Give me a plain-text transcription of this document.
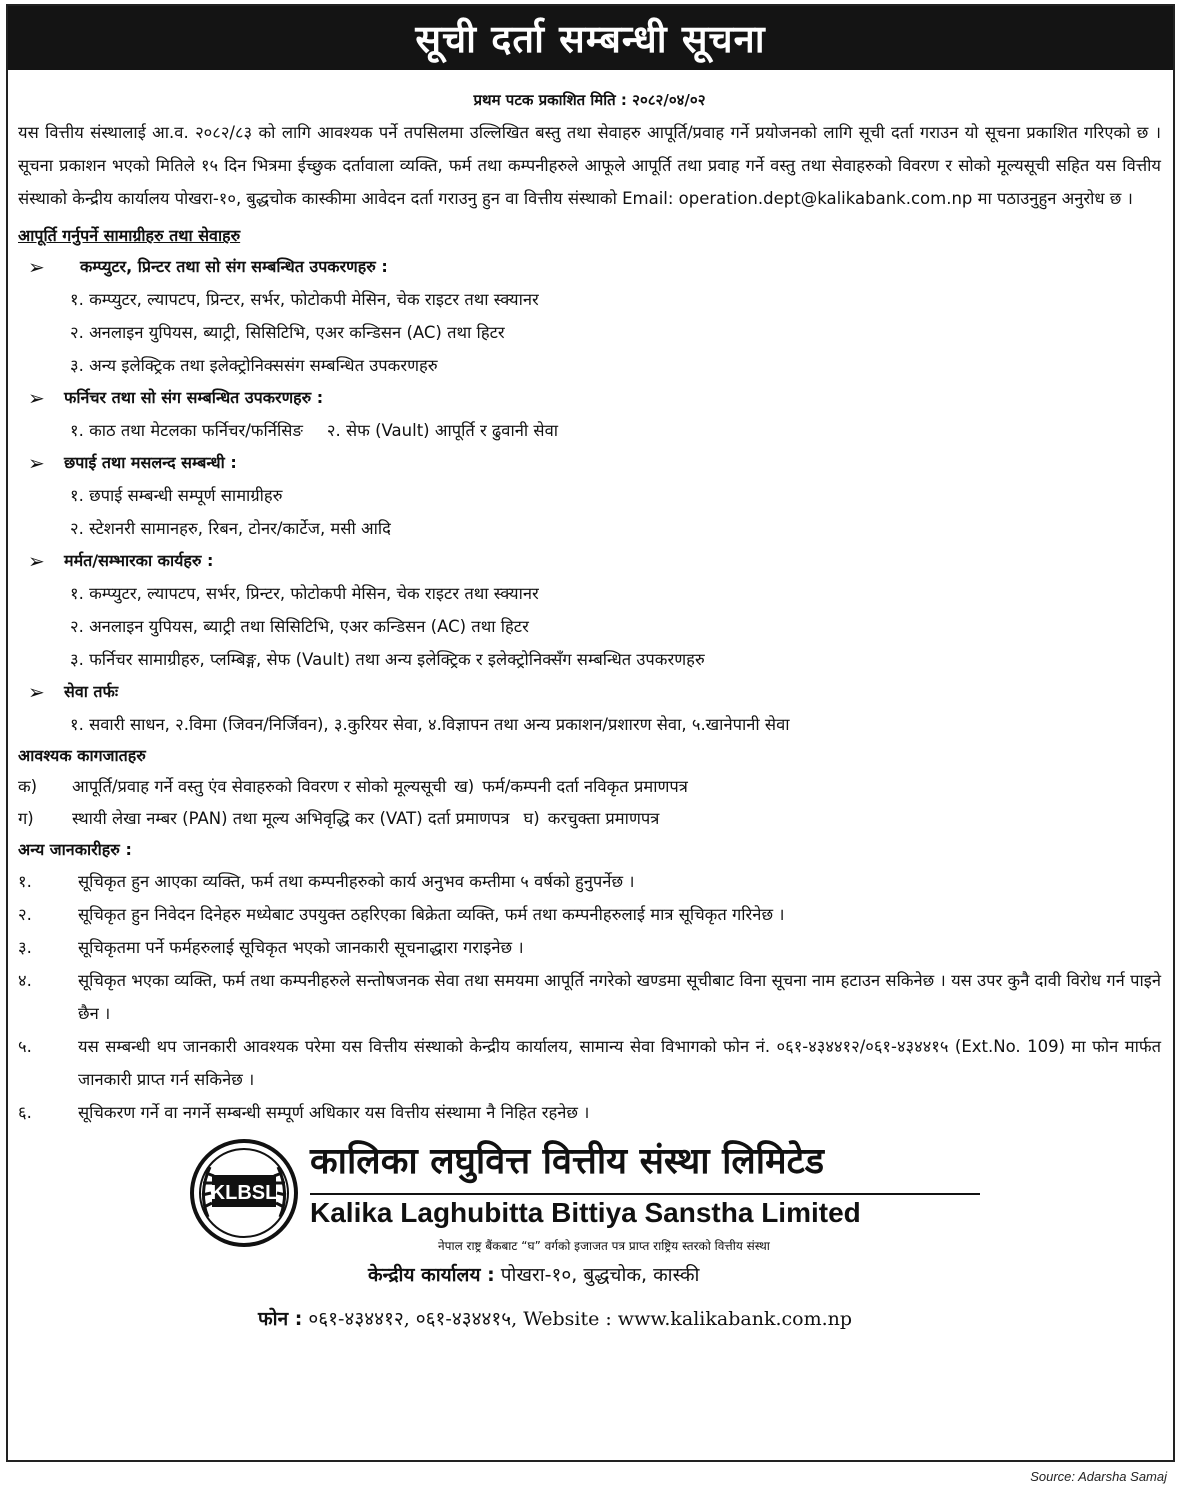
सूची दर्ता सम्बन्धी सूचना
प्रथम पटक प्रकाशित मिति : २०८२/०४/०२
यस वित्तीय संस्थालाई आ.व. २०८२/८३ को लागि आवश्यक पर्ने तपसिलमा उल्लिखित बस्तु तथा सेवाहरु आपूर्ति/प्रवाह गर्ने प्रयोजनको लागि सूची दर्ता गराउन यो सूचना प्रकाशित गरिएको छ । सूचना प्रकाशन भएको मितिले १५ दिन भित्रमा ईच्छुक दर्तावाला व्यक्ति, फर्म तथा कम्पनीहरुले आफूले आपूर्ति तथा प्रवाह गर्ने वस्तु तथा सेवाहरुको विवरण र सोको मूल्यसूची सहित यस वित्तीय संस्थाको केन्द्रीय कार्यालय पोखरा-१०, बुद्धचोक कास्कीमा आवेदन दर्ता गराउनु हुन वा वित्तीय संस्थाको Email: operation.dept@kalikabank.com.np मा पठाउनुहुन अनुरोध छ ।
आपूर्ति गर्नुपर्ने सामाग्रीहरु तथा सेवाहरु
➢	कम्प्युटर, प्रिन्टर तथा सो संग सम्बन्धित उपकरणहरु :
१. कम्प्युटर, ल्यापटप, प्रिन्टर, सर्भर, फोटोकपी मेसिन, चेक राइटर तथा स्क्यानर
२. अनलाइन युपियस, ब्याट्री, सिसिटिभि, एअर कन्डिसन (AC) तथा हिटर
३. अन्य इलेक्ट्रिक तथा इलेक्ट्रोनिक्ससंग सम्बन्धित उपकरणहरु
➢	फर्निचर तथा सो संग सम्बन्धित उपकरणहरु :
१. काठ तथा मेटलका फर्निचर/फर्निसिङ २. सेफ (Vault) आपूर्ति र ढुवानी सेवा
➢	छपाई तथा मसलन्द सम्बन्धी :
१. छपाई सम्बन्धी सम्पूर्ण सामाग्रीहरु
२. स्टेशनरी सामानहरु, रिबन, टोनर/कार्टेज, मसी आदि
➢	मर्मत/सम्भारका कार्यहरु :
१. कम्प्युटर, ल्यापटप, सर्भर, प्रिन्टर, फोटोकपी मेसिन, चेक राइटर तथा स्क्यानर
२. अनलाइन युपियस, ब्याट्री तथा सिसिटिभि, एअर कन्डिसन (AC) तथा हिटर
३. फर्निचर सामाग्रीहरु, प्लम्बिङ्ग, सेफ (Vault) तथा अन्य इलेक्ट्रिक र इलेक्ट्रोनिक्सँग सम्बन्धित उपकरणहरु
➢	सेवा तर्फः
१. सवारी साधन, २.विमा (जिवन/निर्जिवन), ३.कुरियर सेवा, ४.विज्ञापन तथा अन्य प्रकाशन/प्रशारण सेवा, ५.खानेपानी सेवा
आवश्यक कागजातहरु
क)	आपूर्ति/प्रवाह गर्ने वस्तु एंव सेवाहरुको विवरण र सोको मूल्यसूची ख) फर्म/कम्पनी दर्ता नविकृत प्रमाणपत्र
ग)	स्थायी लेखा नम्बर (PAN) तथा मूल्य अभिवृद्धि कर (VAT) दर्ता प्रमाणपत्र घ) करचुक्ता प्रमाणपत्र
अन्य जानकारीहरु :
१.	सूचिकृत हुन आएका व्यक्ति, फर्म तथा कम्पनीहरुको कार्य अनुभव कम्तीमा ५ वर्षको हुनुपर्नेछ ।
२.	सूचिकृत हुन निवेदन दिनेहरु मध्येबाट उपयुक्त ठहरिएका बिक्रेता व्यक्ति, फर्म तथा कम्पनीहरुलाई मात्र सूचिकृत गरिनेछ ।
३.	सूचिकृतमा पर्ने फर्महरुलाई सूचिकृत भएको जानकारी सूचनाद्धारा गराइनेछ ।
४.	सूचिकृत भएका व्यक्ति, फर्म तथा कम्पनीहरुले सन्तोषजनक सेवा तथा समयमा आपूर्ति नगरेको खण्डमा सूचीबाट विना सूचना नाम हटाउन सकिनेछ । यस उपर कुनै दावी विरोध गर्न पाइने छैन ।
५.	यस सम्बन्धी थप जानकारी आवश्यक परेमा यस वित्तीय संस्थाको केन्द्रीय कार्यालय, सामान्य सेवा विभागको फोन नं. ०६१-४३४४१२/०६१-४३४४१५ (Ext.No. 109) मा फोन मार्फत जानकारी प्राप्त गर्न सकिनेछ ।
६.	सूचिकरण गर्ने वा नगर्ने सम्बन्धी सम्पूर्ण अधिकार यस वित्तीय संस्थामा नै निहित रहनेछ ।
KLBSL
कालिका लघुवित्त वित्तीय संस्था लिमिटेड
Kalika Laghubitta Bittiya Sanstha Limited
नेपाल राष्ट्र बैंकबाट “घ” वर्गको इजाजत पत्र प्राप्त राष्ट्रिय स्तरको वित्तीय संस्था
केन्द्रीय कार्यालय : पोखरा-१०, बुद्धचोक, कास्की
फोन : ०६१-४३४४१२, ०६१-४३४४१५, Website : www.kalikabank.com.np
Source: Adarsha Samaj
